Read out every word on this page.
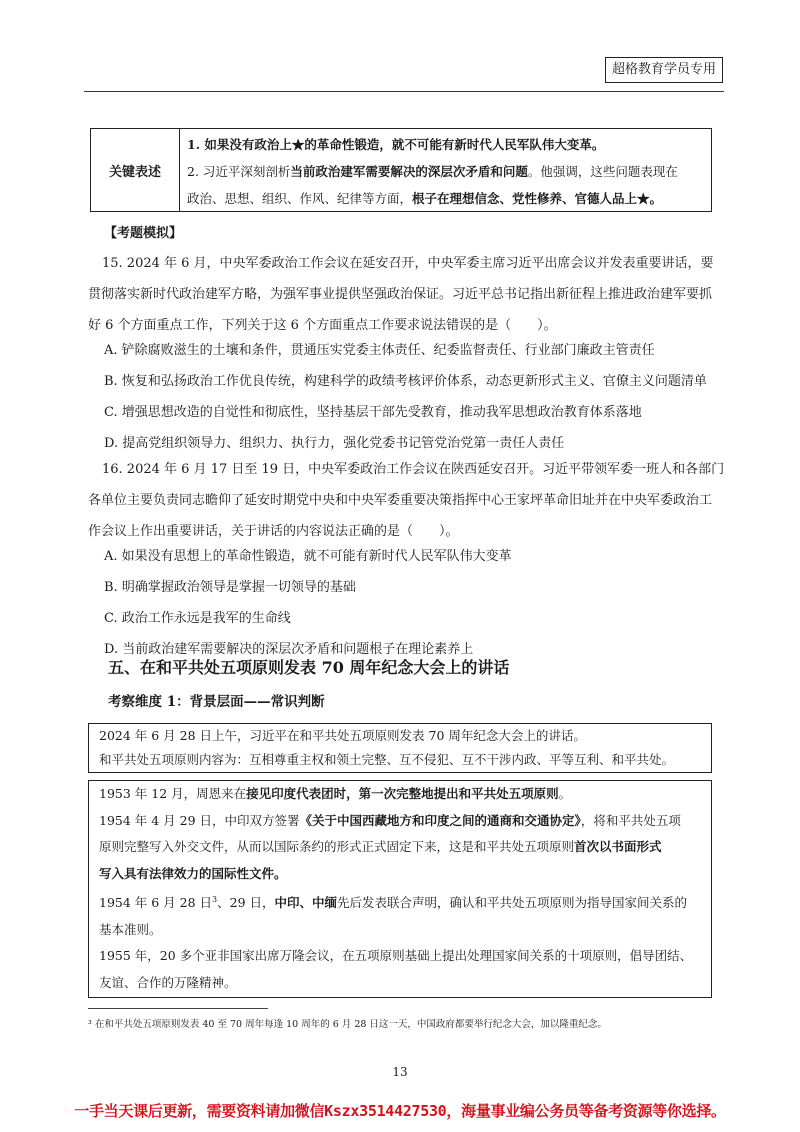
超格教育学员专用
关键表述

1. 如果没有政治上★的革命性锻造，就不可能有新时代人民军队伟大变革。

2. 习近平深刻剖析当前政治建军需要解决的深层次矛盾和问题。他强调，这些问题表现在

政治、思想、组织、作风、纪律等方面，根子在理想信念、党性修养、官德人品上★。

【考题模拟】

15. 2024 年 6 月，中央军委政治工作会议在延安召开，中央军委主席习近平出席会议并发表重要讲话，要

贯彻落实新时代政治建军方略，为强军事业提供坚强政治保证。习近平总书记指出新征程上推进政治建军要抓

好 6 个方面重点工作，下列关于这 6 个方面重点工作要求说法错误的是（　　）。

A. 铲除腐败滋生的土壤和条件，贯通压实党委主体责任、纪委监督责任、行业部门廉政主管责任
B. 恢复和弘扬政治工作优良传统，构建科学的政绩考核评价体系，动态更新形式主义、官僚主义问题清单
C. 增强思想改造的自觉性和彻底性，坚持基层干部先受教育，推动我军思想政治教育体系落地
D. 提高党组织领导力、组织力、执行力，强化党委书记管党治党第一责任人责任

16. 2024 年 6 月 17 日至 19 日，中央军委政治工作会议在陕西延安召开。习近平带领军委一班人和各部门

各单位主要负责同志瞻仰了延安时期党中央和中央军委重要决策指挥中心王家坪革命旧址并在中央军委政治工

作会议上作出重要讲话，关于讲话的内容说法正确的是（　　）。

A. 如果没有思想上的革命性锻造，就不可能有新时代人民军队伟大变革
B. 明确掌握政治领导是掌握一切领导的基础
C. 政治工作永远是我军的生命线
D. 当前政治建军需要解决的深层次矛盾和问题根子在理论素养上
五、在和平共处五项原则发表 70 周年纪念大会上的讲话
考察维度 1：背景层面——常识判断

2024 年 6 月 28 日上午，习近平在和平共处五项原则发表 70 周年纪念大会上的讲话。

和平共处五项原则内容为：互相尊重主权和领土完整、互不侵犯、互不干涉内政、平等互利、和平共处。

1953 年 12 月，周恩来在接见印度代表团时，第一次完整地提出和平共处五项原则。

1954 年 4 月 29 日，中印双方签署《关于中国西藏地方和印度之间的通商和交通协定》，将和平共处五项

原则完整写入外交文件，从而以国际条约的形式正式固定下来，这是和平共处五项原则首次以书面形式

写入具有法律效力的国际性文件。

1954 年 6 月 28 日$^3$、29 日，中印、中缅先后发表联合声明，确认和平共处五项原则为指导国家间关系的

基本准则。

1955 年，20 多个亚非国家出席万隆会议，在五项原则基础上提出处理国家间关系的十项原则，倡导团结、

友谊、合作的万隆精神。

³ 在和平共处五项原则发表 40 至 70 周年每逢 10 周年的 6 月 28 日这一天，中国政府都要举行纪念大会，加以隆重纪念。
13
一手当天课后更新，需要资料请加微信Kszx3514427530，海量事业编公务员等备考资源等你选择。
